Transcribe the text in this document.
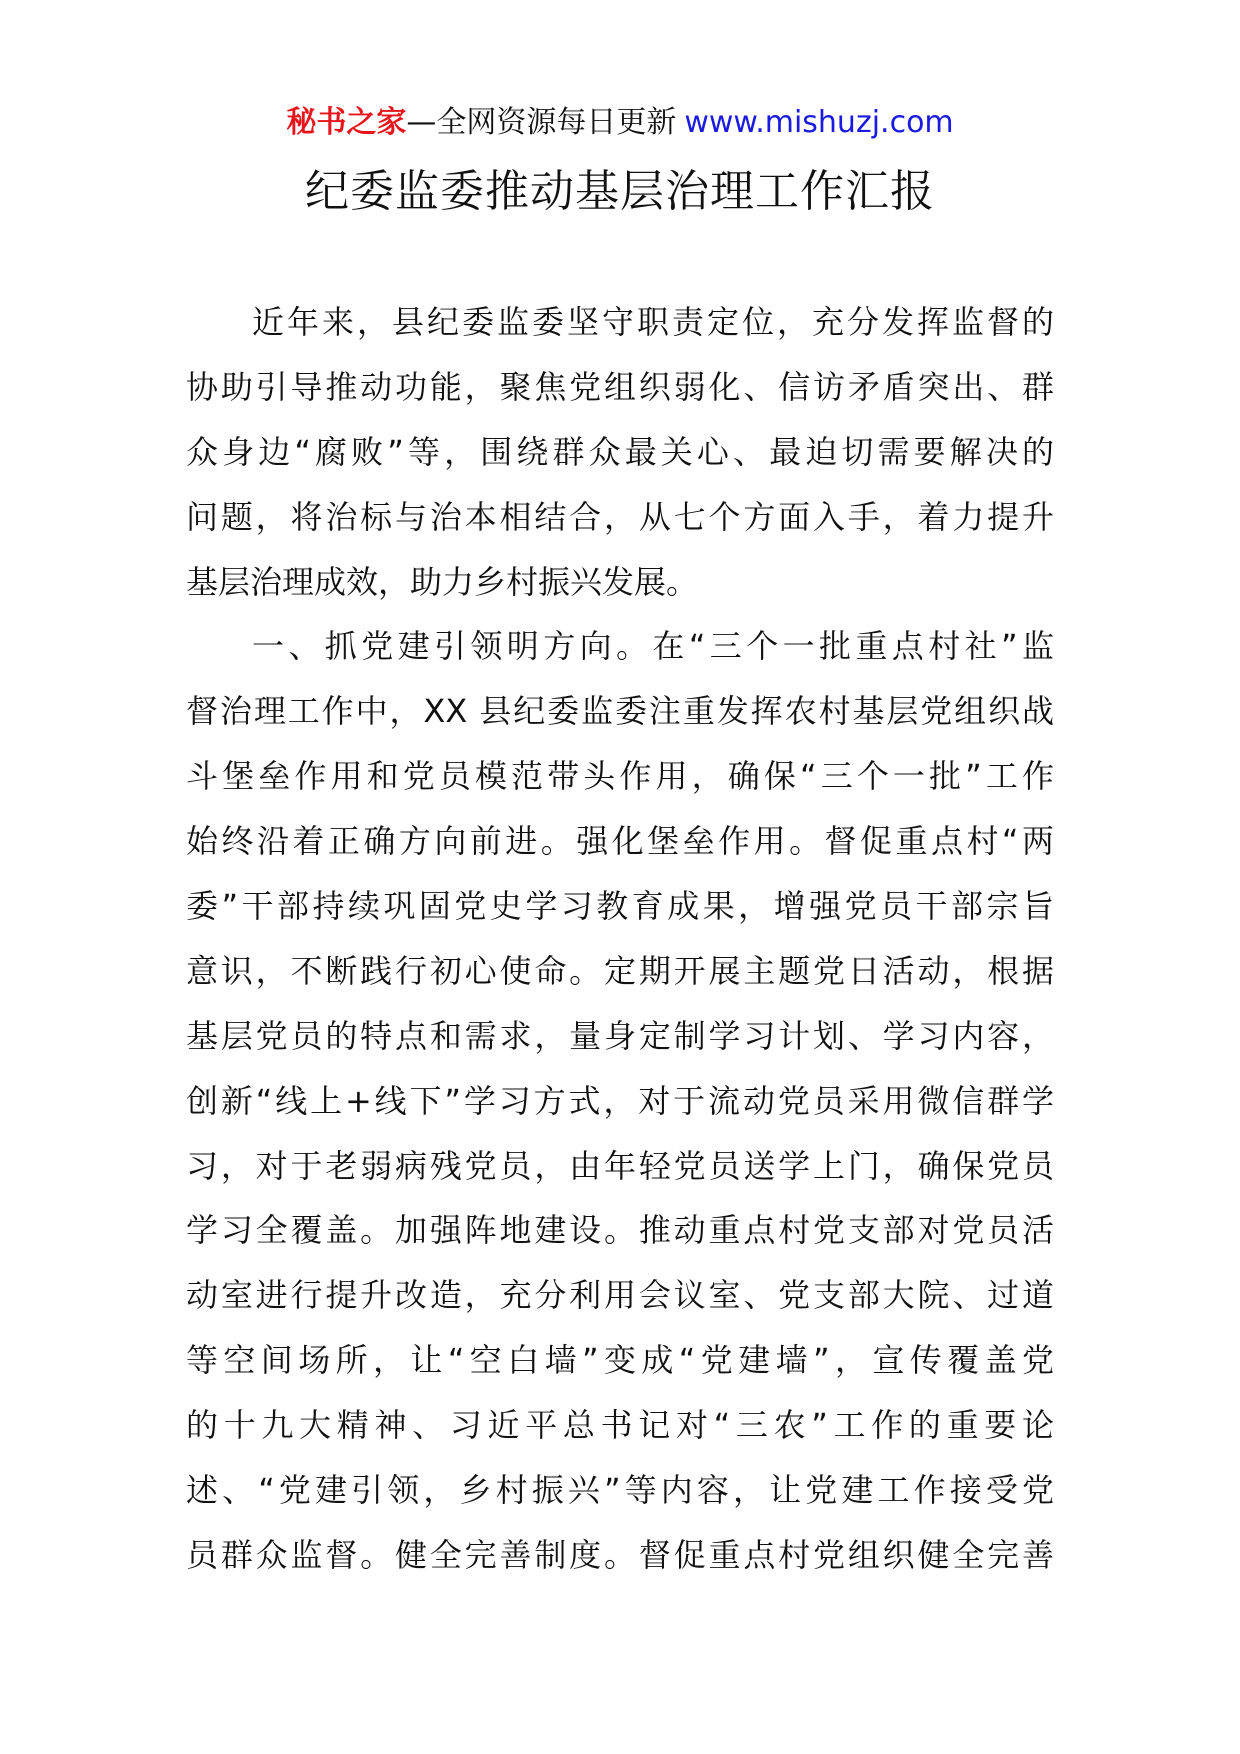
秘书之家—全网资源每日更新 www.mishuzj.com
纪委监委推动基层治理工作汇报
近年来，县纪委监委坚守职责定位，充分发挥监督的
协助引导推动功能，聚焦党组织弱化、信访矛盾突出、群
众身边“腐败”等，围绕群众最关心、最迫切需要解决的
问题，将治标与治本相结合，从七个方面入手，着力提升
基层治理成效，助力乡村振兴发展。
一、抓党建引领明方向。在“三个一批重点村社”监
督治理工作中，XX 县纪委监委注重发挥农村基层党组织战
斗堡垒作用和党员模范带头作用，确保“三个一批”工作
始终沿着正确方向前进。强化堡垒作用。督促重点村“两
委”干部持续巩固党史学习教育成果，增强党员干部宗旨
意识，不断践行初心使命。定期开展主题党日活动，根据
基层党员的特点和需求，量身定制学习计划、学习内容，
创新“线上+线下”学习方式，对于流动党员采用微信群学
习，对于老弱病残党员，由年轻党员送学上门，确保党员
学习全覆盖。加强阵地建设。推动重点村党支部对党员活
动室进行提升改造，充分利用会议室、党支部大院、过道
等空间场所，让“空白墙”变成“党建墙”，宣传覆盖党
的十九大精神、习近平总书记对“三农”工作的重要论
述、“党建引领，乡村振兴”等内容，让党建工作接受党
员群众监督。健全完善制度。督促重点村党组织健全完善
